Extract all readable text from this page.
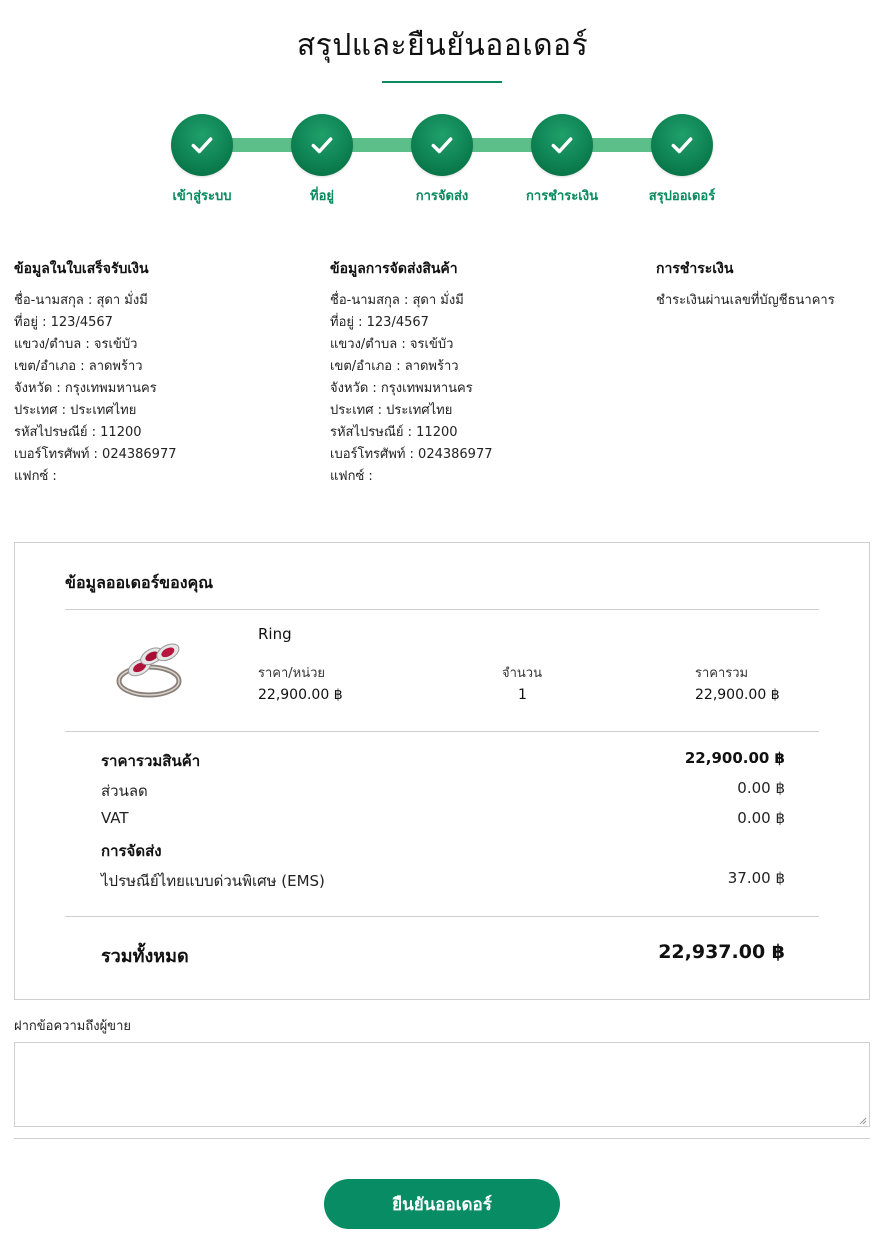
สรุปและยืนยันออเดอร์
เข้าสู่ระบบ	ที่อยู่	การจัดส่ง	การชำระเงิน	สรุปออเดอร์
ข้อมูลในใบเสร็จรับเงิน
ชื่อ-นามสกุล : สุดา มั่งมี
ที่อยู่ : 123/4567
แขวง/ตำบล : จรเข้บัว
เขต/อำเภอ : ลาดพร้าว
จังหวัด : กรุงเทพมหานคร
ประเทศ : ประเทศไทย
รหัสไปรษณีย์ : 11200
เบอร์โทรศัพท์ : 024386977
แฟกซ์ :
ข้อมูลการจัดส่งสินค้า
ชื่อ-นามสกุล : สุดา มั่งมี
ที่อยู่ : 123/4567
แขวง/ตำบล : จรเข้บัว
เขต/อำเภอ : ลาดพร้าว
จังหวัด : กรุงเทพมหานคร
ประเทศ : ประเทศไทย
รหัสไปรษณีย์ : 11200
เบอร์โทรศัพท์ : 024386977
แฟกซ์ :
การชำระเงิน
ชำระเงินผ่านเลขที่บัญชีธนาคาร
ข้อมูลออเดอร์ของคุณ
Ring
ราคา/หน่วย	จำนวน	ราคารวม
22,900.00 ฿	1	22,900.00 ฿
ราคารวมสินค้า	22,900.00 ฿
ส่วนลด	0.00 ฿
VAT	0.00 ฿
การจัดส่ง
ไปรษณีย์ไทยแบบด่วนพิเศษ (EMS)	37.00 ฿
รวมทั้งหมด	22,937.00 ฿
ฝากข้อความถึงผู้ขาย
ยืนยันออเดอร์
